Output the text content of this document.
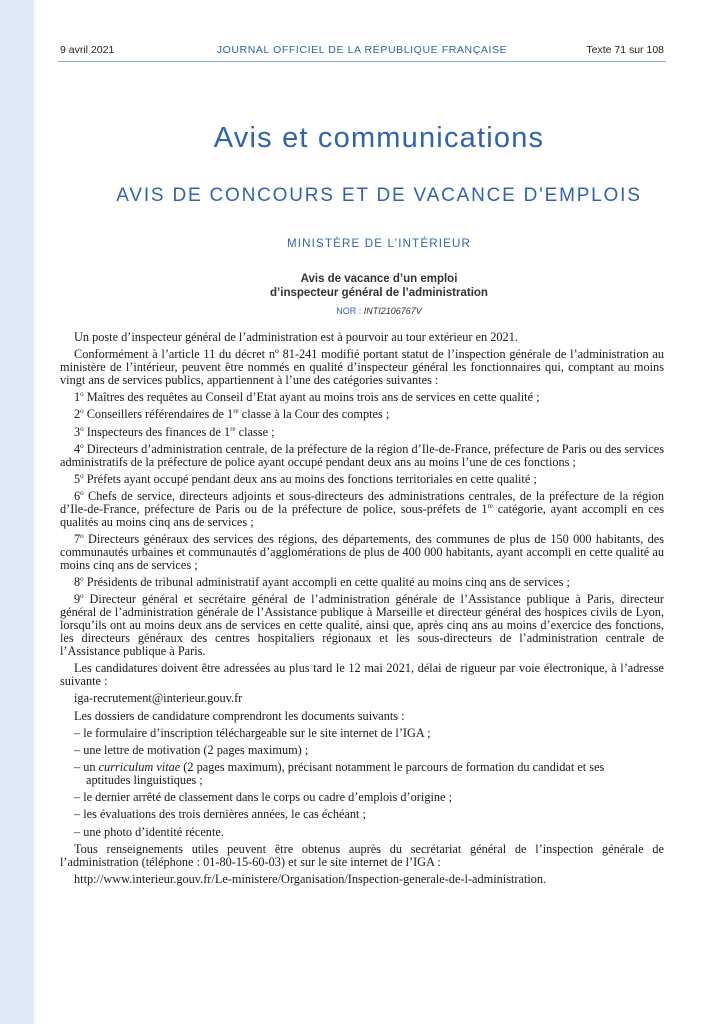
9 avril 2021	JOURNAL OFFICIEL DE LA RÉPUBLIQUE FRANÇAISE	Texte 71 sur 108
Avis et communications
AVIS DE CONCOURS ET DE VACANCE D'EMPLOIS
MINISTÈRE DE L’INTÉRIEUR
Avis de vacance d’un emploi
d’inspecteur général de l’administration
NOR : INTI2106767V

Un poste d’inspecteur général de l’administration est à pourvoir au tour extérieur en 2021.

Conformément à l’article 11 du décret nº 81-241 modifié portant statut de l’inspection générale de l’administration au ministère de l’intérieur, peuvent être nommés en qualité d’inspecteur général les fonctionnaires qui, comptant au moins vingt ans de services publics, appartiennent à l’une des catégories suivantes :

1$^o$ Maîtres des requêtes au Conseil d’Etat ayant au moins trois ans de services en cette qualité ;

2$^o$ Conseillers référendaires de 1re classe à la Cour des comptes ;

3$^o$ Inspecteurs des finances de 1re classe ;

4$^o$ Directeurs d’administration centrale, de la préfecture de la région d’Ile-de-France, préfecture de Paris ou des services administratifs de la préfecture de police ayant occupé pendant deux ans au moins l’une de ces fonctions ;

5$^o$ Préfets ayant occupé pendant deux ans au moins des fonctions territoriales en cette qualité ;

6$^o$ Chefs de service, directeurs adjoints et sous-directeurs des administrations centrales, de la préfecture de la région d’Ile-de-France, préfecture de Paris ou de la préfecture de police, sous-préfets de 1re catégorie, ayant accompli en ces qualités au moins cinq ans de services ;

7$^o$ Directeurs généraux des services des régions, des départements, des communes de plus de 150 000 habitants, des communautés urbaines et communautés d’agglomérations de plus de 400 000 habitants, ayant accompli en cette qualité au moins cinq ans de services ;

8$^o$ Présidents de tribunal administratif ayant accompli en cette qualité au moins cinq ans de services ;

9$^o$ Directeur général et secrétaire général de l’administration générale de l’Assistance publique à Paris, directeur général de l’administration générale de l’Assistance publique à Marseille et directeur général des hospices civils de Lyon, lorsqu’ils ont au moins deux ans de services en cette qualité, ainsi que, après cinq ans au moins d’exercice des fonctions, les directeurs généraux des centres hospitaliers régionaux et les sous-directeurs de l’administration centrale de l’Assistance publique à Paris.

Les candidatures doivent être adressées au plus tard le 12 mai 2021, délai de rigueur par voie électronique, à l’adresse suivante :

iga-recrutement@interieur.gouv.fr

Les dossiers de candidature comprendront les documents suivants :

– le formulaire d’inscription téléchargeable sur le site internet de l’IGA ;

– une lettre de motivation (2 pages maximum) ;

– un curriculum vitae (2 pages maximum), précisant notamment le parcours de formation du candidat et ses

aptitudes linguistiques ;

– le dernier arrêté de classement dans le corps ou cadre d’emplois d’origine ;

– les évaluations des trois dernières années, le cas échéant ;

– une photo d’identité récente.

Tous renseignements utiles peuvent être obtenus auprès du secrétariat général de l’inspection générale de l’administration (téléphone : 01-80-15-60-03) et sur le site internet de l’IGA :

http://www.interieur.gouv.fr/Le-ministere/Organisation/Inspection-generale-de-l-administration.
